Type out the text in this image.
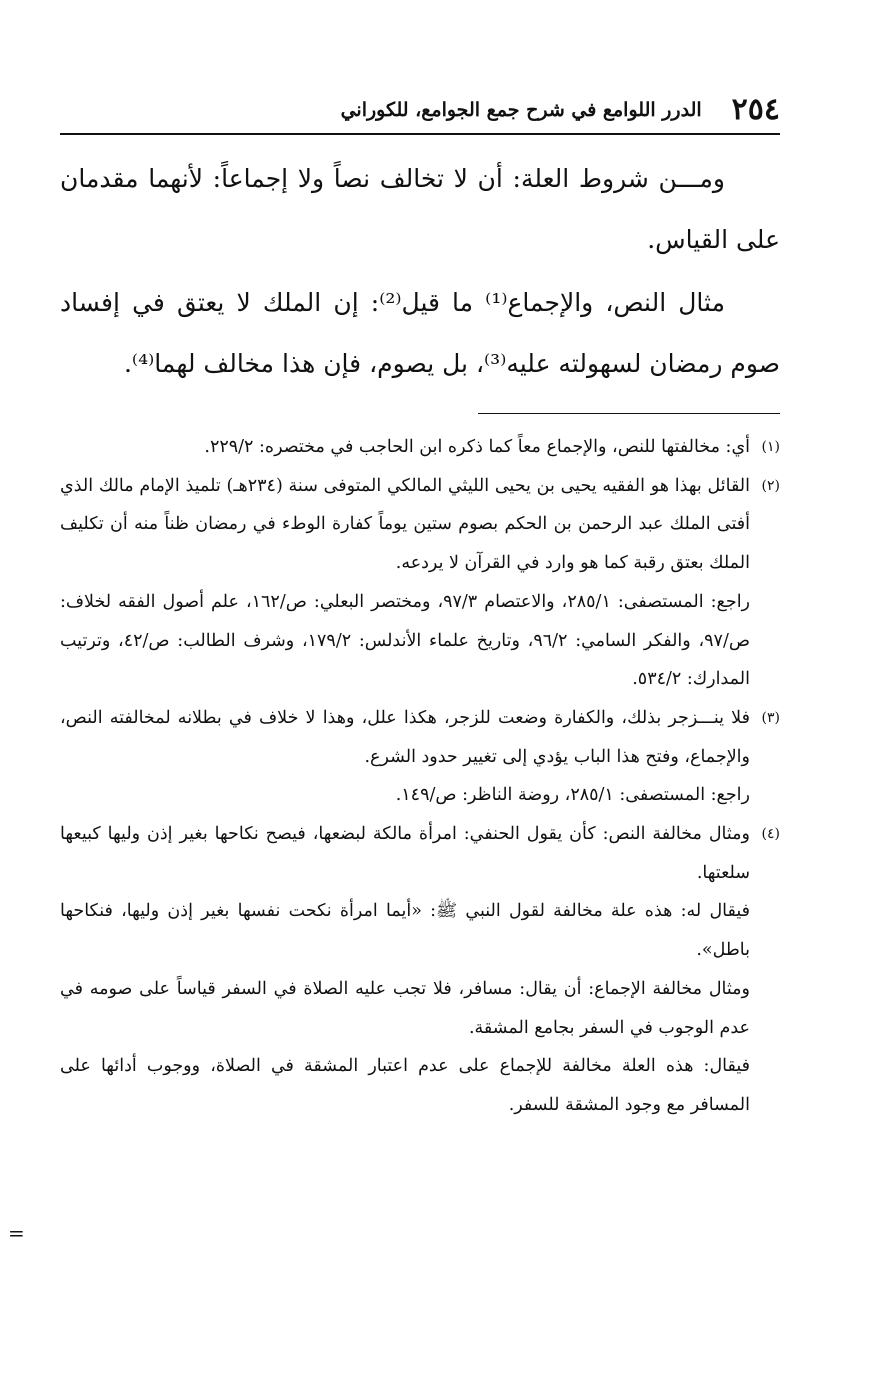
٢٥٤
الدرر اللوامع في شرح جمع الجوامع، للكوراني

ومـــن شروط العلة: أن لا تخالف نصاً ولا إجماعاً: لأنهما مقدمان على القياس.

مثال النص، والإجماع⁽¹⁾ ما قيل⁽²⁾: إن الملك لا يعتق في إفساد صوم رمضان لسهولته عليه⁽³⁾، بل يصوم، فإن هذا مخالف لهما⁽⁴⁾.

(١)

أي: مخالفتها للنص، والإجماع معاً كما ذكره ابن الحاجب في مختصره: ٢٢٩/٢.

(٢)

القائل بهذا هو الفقيه يحيى بن يحيى الليثي المالكي المتوفى سنة (٢٣٤هـ) تلميذ الإمام مالك الذي أفتى الملك عبد الرحمن بن الحكم بصوم ستين يوماً كفارة الوطء في رمضان ظناً منه أن تكليف الملك بعتق رقبة كما هو وارد في القرآن لا يردعه.

راجع: المستصفى: ٢٨٥/١، والاعتصام ٩٧/٣، ومختصر البعلي: ص/١٦٢، علم أصول الفقه لخلاف: ص/٩٧، والفكر السامي: ٩٦/٢، وتاريخ علماء الأندلس: ١٧٩/٢، وشرف الطالب: ص/٤٢، وترتيب المدارك: ٥٣٤/٢.

(٣)

فلا ينـــزجر بذلك، والكفارة وضعت للزجر، هكذا علل، وهذا لا خلاف في بطلانه لمخالفته النص، والإجماع، وفتح هذا الباب يؤدي إلى تغيير حدود الشرع.

راجع: المستصفى: ٢٨٥/١، روضة الناظر: ص/١٤٩.

(٤)

ومثال مخالفة النص: كأن يقول الحنفي: امرأة مالكة لبضعها، فيصح نكاحها بغير إذن وليها كبيعها سلعتها.

فيقال له: هذه علة مخالفة لقول النبي ﷺ: «أيما امرأة نكحت نفسها بغير إذن وليها، فنكاحها باطل».

ومثال مخالفة الإجماع: أن يقال: مسافر، فلا تجب عليه الصلاة في السفر قياساً على صومه في عدم الوجوب في السفر بجامع المشقة.

فيقال: هذه العلة مخالفة للإجماع على عدم اعتبار المشقة في الصلاة، ووجوب أدائها على المسافر مع وجود المشقة للسفر.

=
